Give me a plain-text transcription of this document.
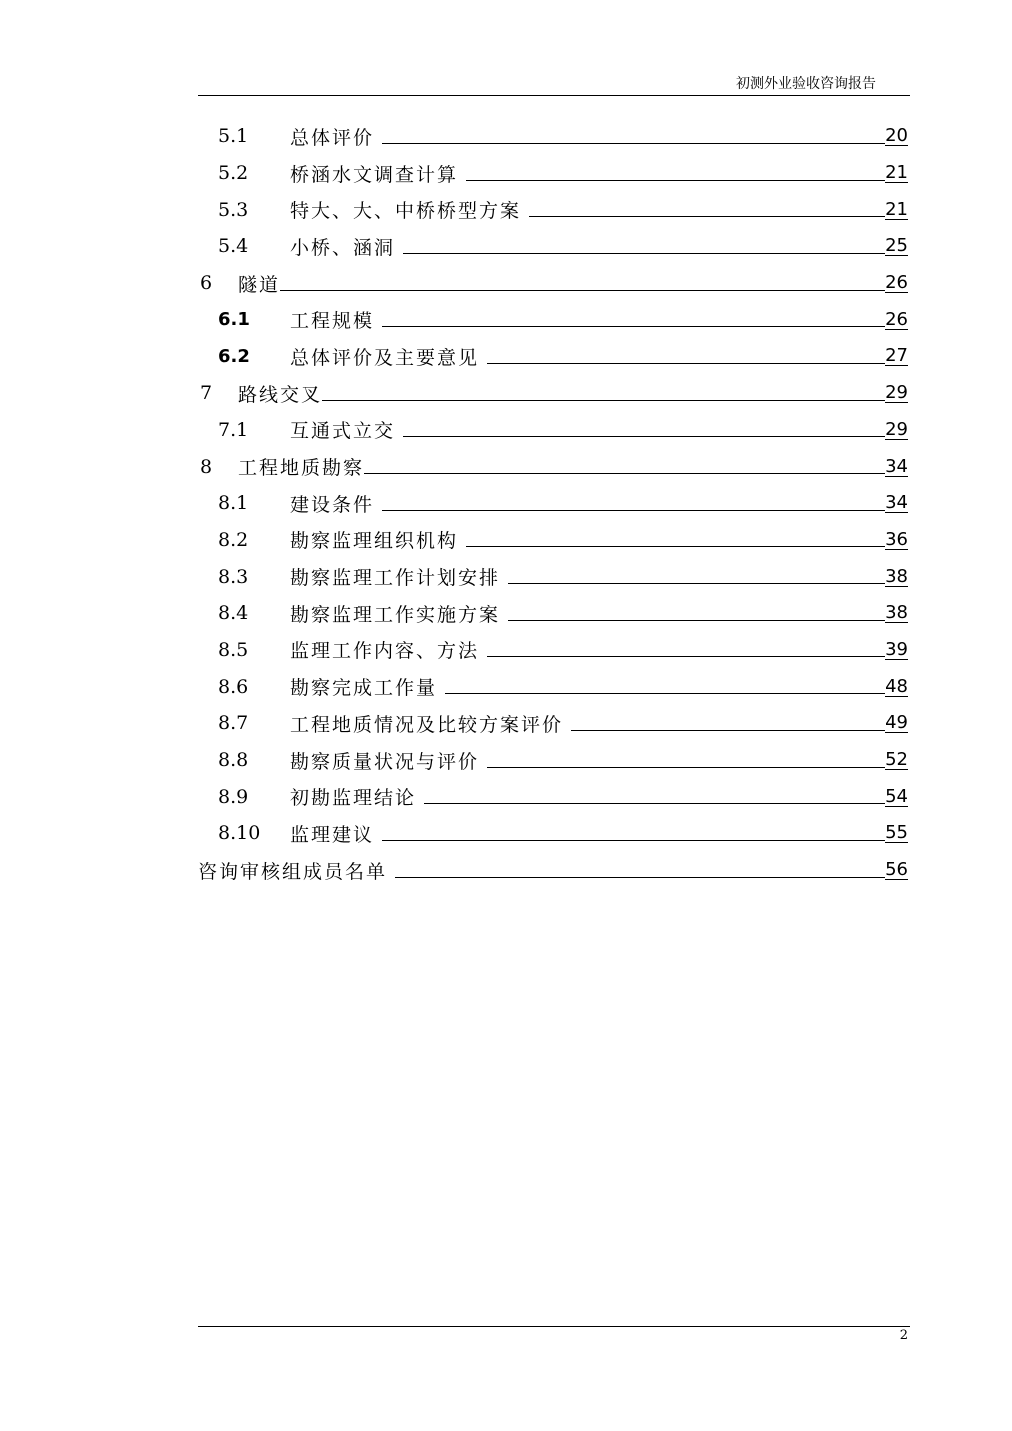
初测外业验收咨询报告
5.1	总体评价	20
5.2	桥涵水文调查计算	21
5.3	特大、大、中桥桥型方案	21
5.4	小桥、涵洞	25
6	隧道	26
6.1	工程规模	26
6.2	总体评价及主要意见	27
7	路线交叉	29
7.1	互通式立交	29
8	工程地质勘察	34
8.1	建设条件	34
8.2	勘察监理组织机构	36
8.3	勘察监理工作计划安排	38
8.4	勘察监理工作实施方案	38
8.5	监理工作内容、方法	39
8.6	勘察完成工作量	48
8.7	工程地质情况及比较方案评价	49
8.8	勘察质量状况与评价	52
8.9	初勘监理结论	54
8.10	监理建议	55
咨询审核组成员名单	56
2
